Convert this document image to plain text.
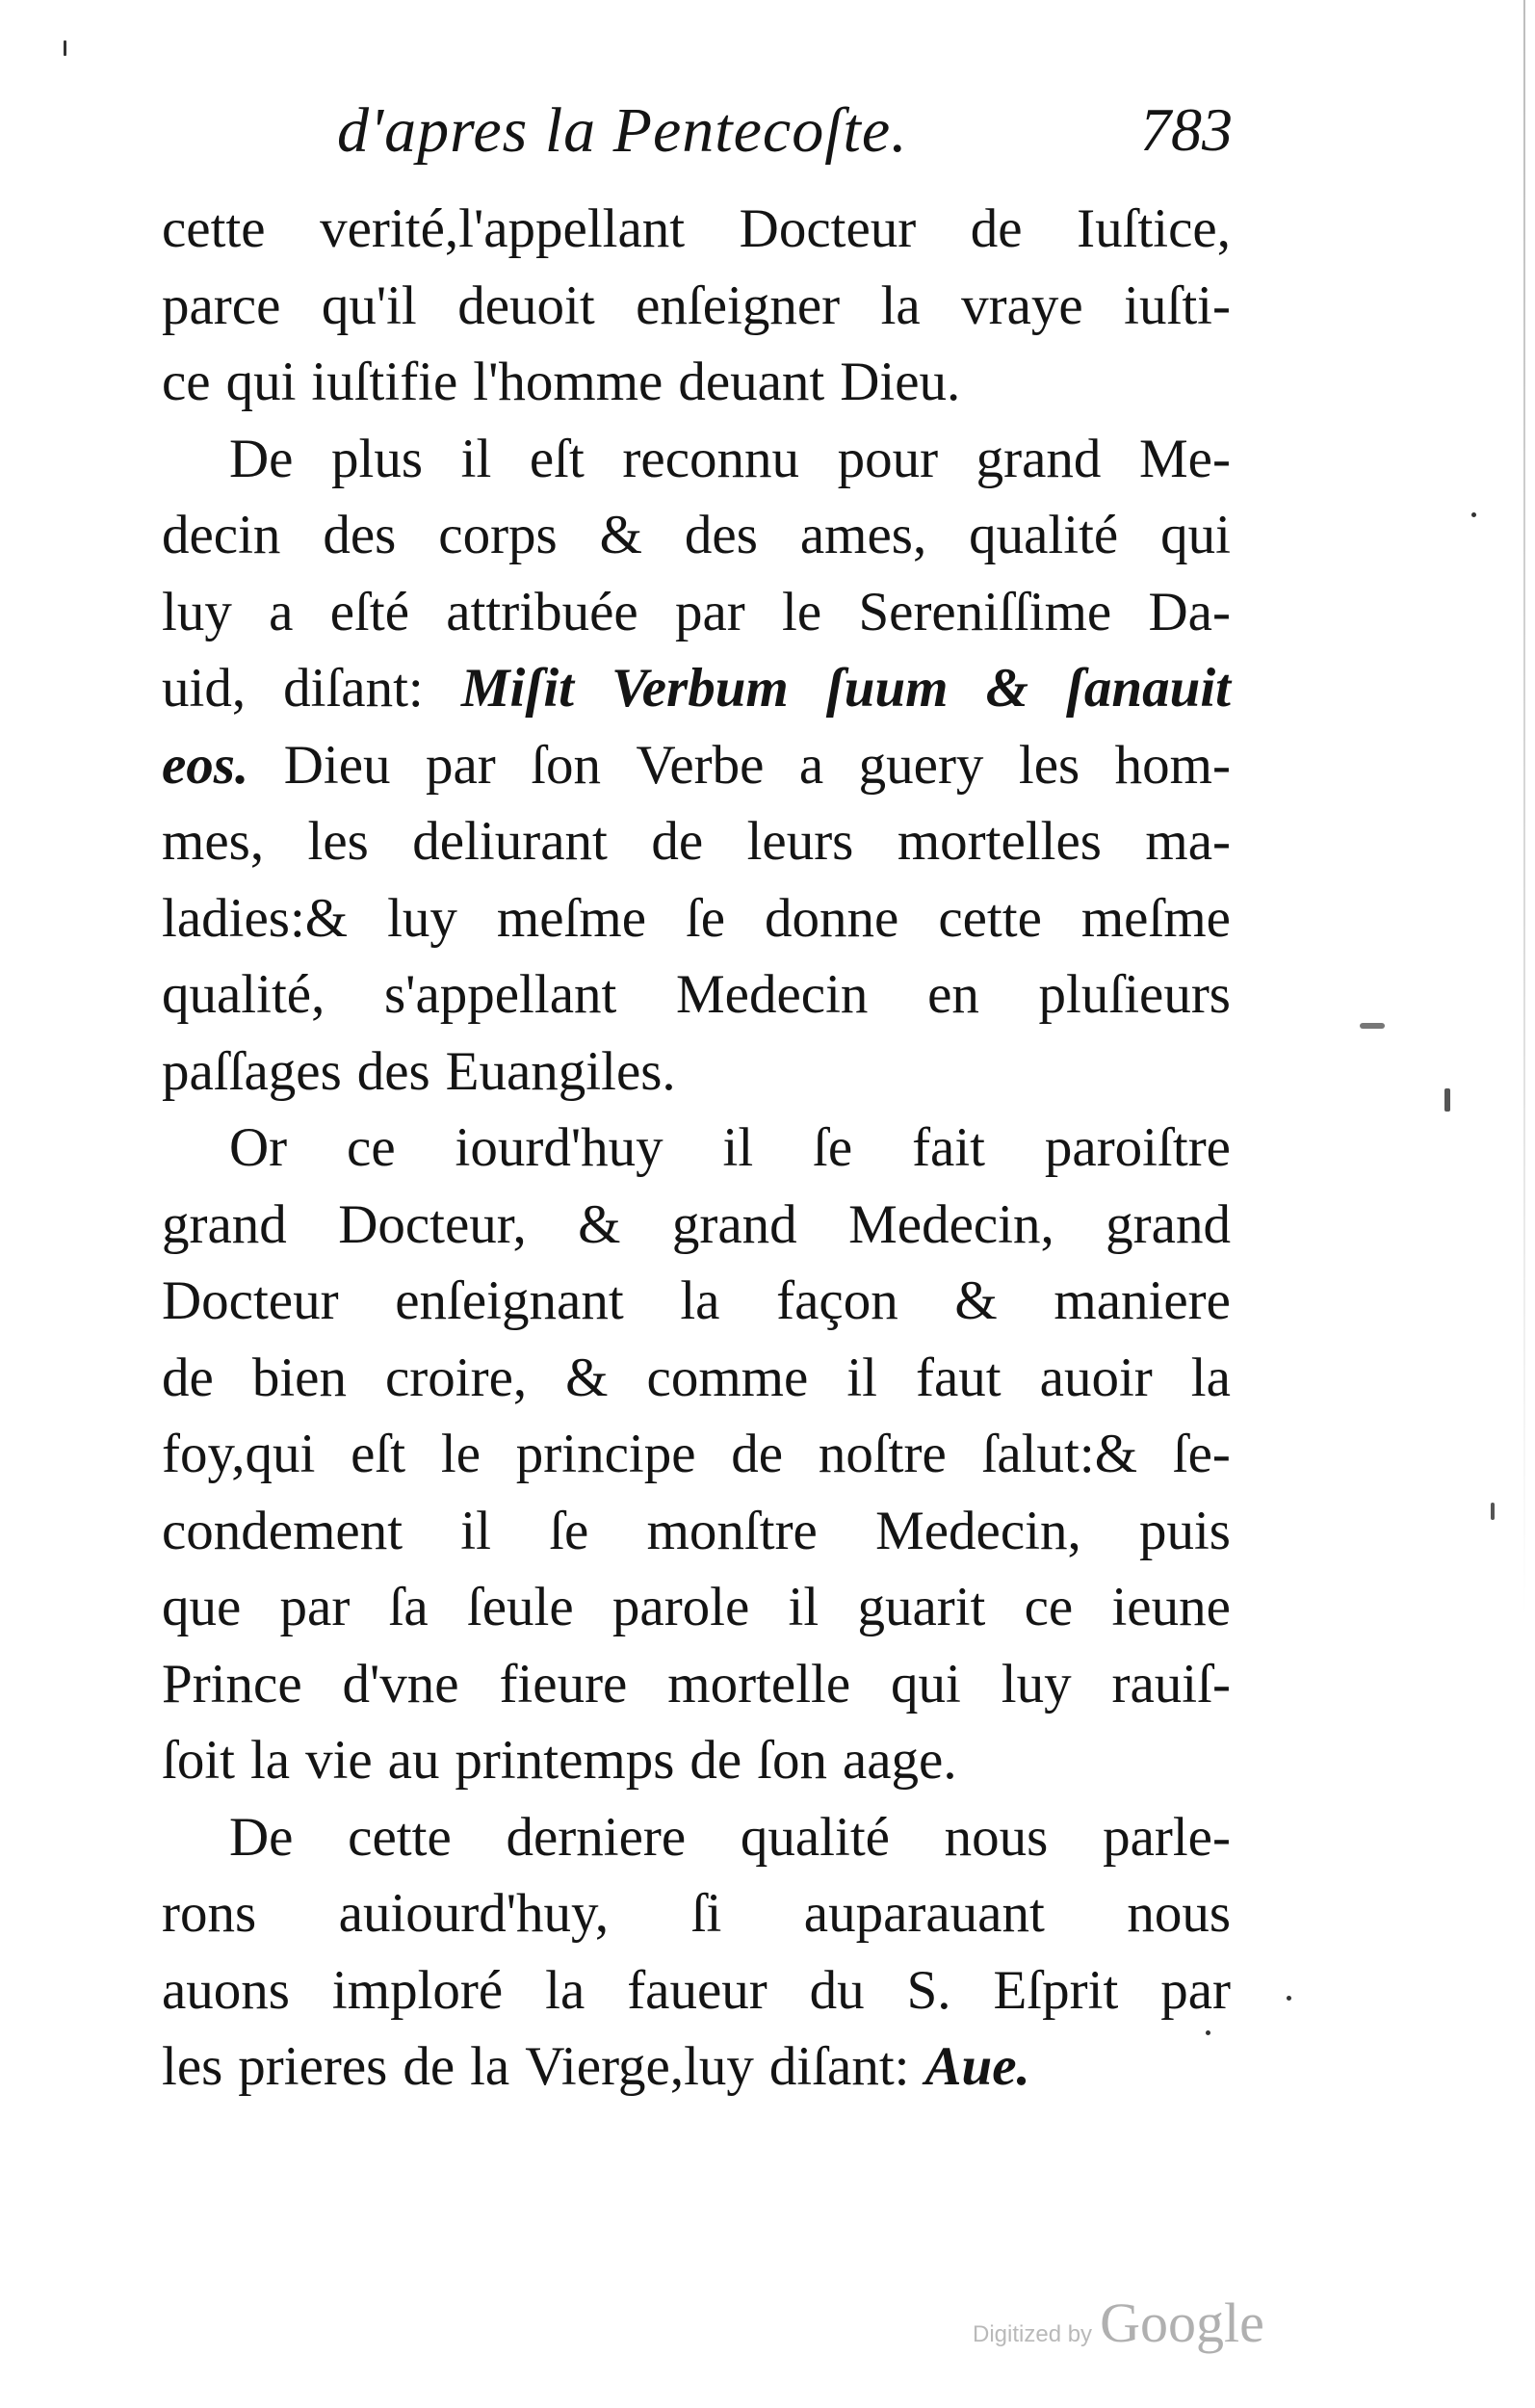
d'apres la Pentecoſte.	783
cette verité,l'appellant Docteur de Iuſtice,
parce qu'il deuoit enſeigner la vraye iuſti-
ce qui iuſtifie l'homme deuant Dieu.
De plus il eſt reconnu pour grand Me-
decin des corps & des ames, qualité qui
luy a eſté attribuée par le Sereniſſime Da-
uid, diſant: Miſit Verbum ſuum & ſanauit
eos. Dieu par ſon Verbe a guery les hom-
mes, les deliurant de leurs mortelles ma-
ladies:& luy meſme ſe donne cette meſme
qualité, s'appellant Medecin en pluſieurs
paſſages des Euangiles.
Or ce iourd'huy il ſe fait paroiſtre
grand Docteur, & grand Medecin, grand
Docteur enſeignant la façon & maniere
de bien croire, & comme il faut auoir la
foy,qui eſt le principe de noſtre ſalut:& ſe-
condement il ſe monſtre Medecin, puis
que par ſa ſeule parole il guarit ce ieune
Prince d'vne fieure mortelle qui luy rauiſ-
ſoit la vie au printemps de ſon aage.
De cette derniere qualité nous parle-
rons auiourd'huy, ſi auparauant nous
auons imploré la faueur du S. Eſprit par
les prieres de la Vierge,luy diſant: Aue.
Digitized by Google
